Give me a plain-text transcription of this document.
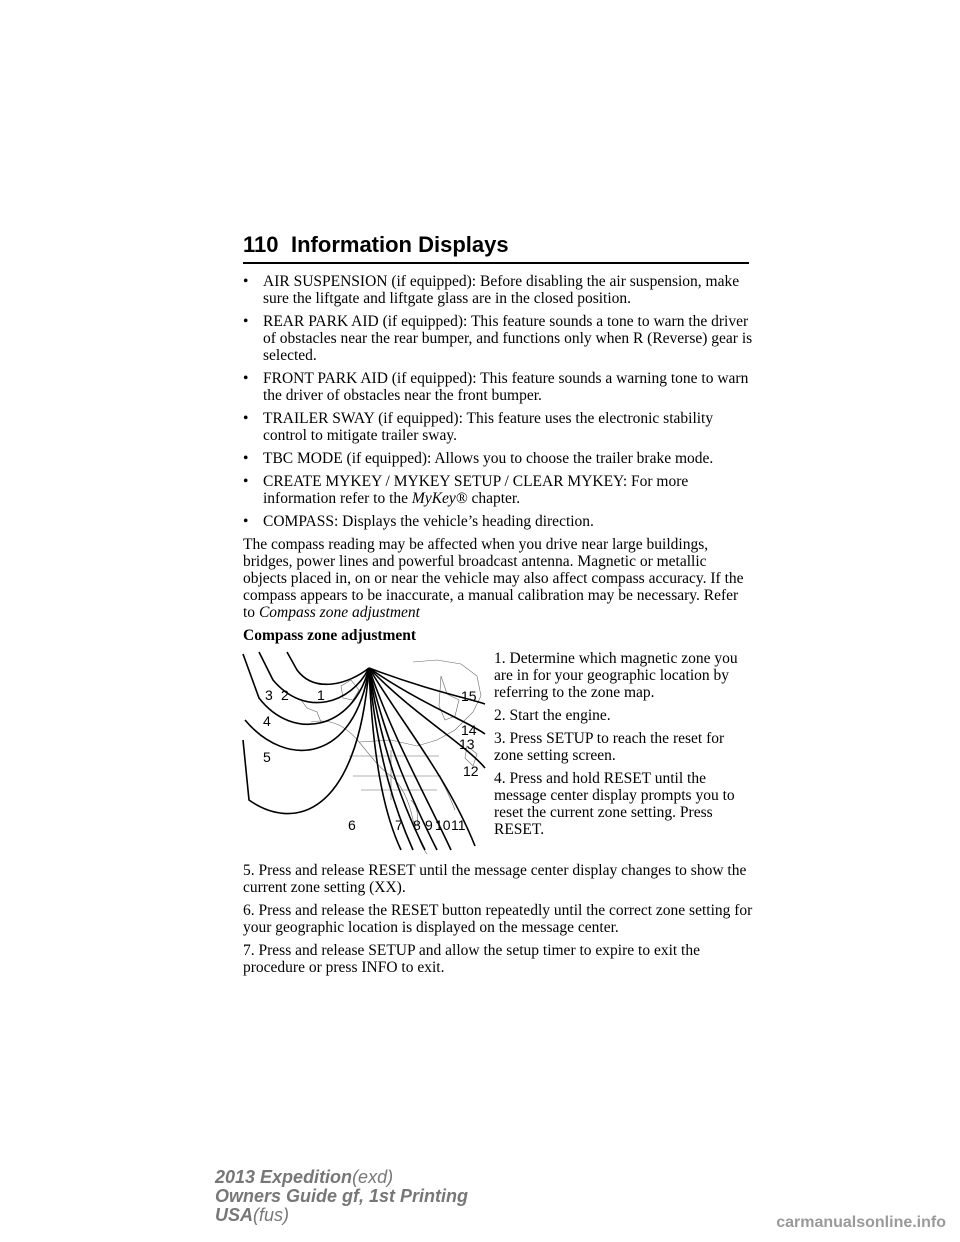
110 Information Displays
• AIR SUSPENSION (if equipped): Before disabling the air suspension, make sure the liftgate and liftgate glass are in the closed position.
• REAR PARK AID (if equipped): This feature sounds a tone to warn the driver of obstacles near the rear bumper, and functions only when R (Reverse) gear is selected.
• FRONT PARK AID (if equipped): This feature sounds a warning tone to warn the driver of obstacles near the front bumper.
• TRAILER SWAY (if equipped): This feature uses the electronic stability control to mitigate trailer sway.
• TBC MODE (if equipped): Allows you to choose the trailer brake mode.
• CREATE MYKEY / MYKEY SETUP / CLEAR MYKEY: For more information refer to the MyKey® chapter.
• COMPASS: Displays the vehicle’s heading direction.

The compass reading may be affected when you drive near large buildings, bridges, power lines and powerful broadcast antenna. Magnetic or metallic objects placed in, on or near the vehicle may also affect compass accuracy. If the compass appears to be inaccurate, a manual calibration may be necessary. Refer to Compass zone adjustment

Compass zone adjustment
1
2
3
4
5
6	7 8 9 10 11
12
13
14
15

1. Determine which magnetic zone you are in for your geographic location by referring to the zone map.

2. Start the engine.

3. Press SETUP to reach the reset for zone setting screen.

4. Press and hold RESET until the message center display prompts you to reset the current zone setting. Press RESET.

5. Press and release RESET until the message center display changes to show the current zone setting (XX).

6. Press and release the RESET button repeatedly until the correct zone setting for your geographic location is displayed on the message center.

7. Press and release SETUP and allow the setup timer to expire to exit the procedure or press INFO to exit.

2013 Expedition(exd)
Owners Guide gf, 1st Printing
USA(fus)	carmanualsonline.info
